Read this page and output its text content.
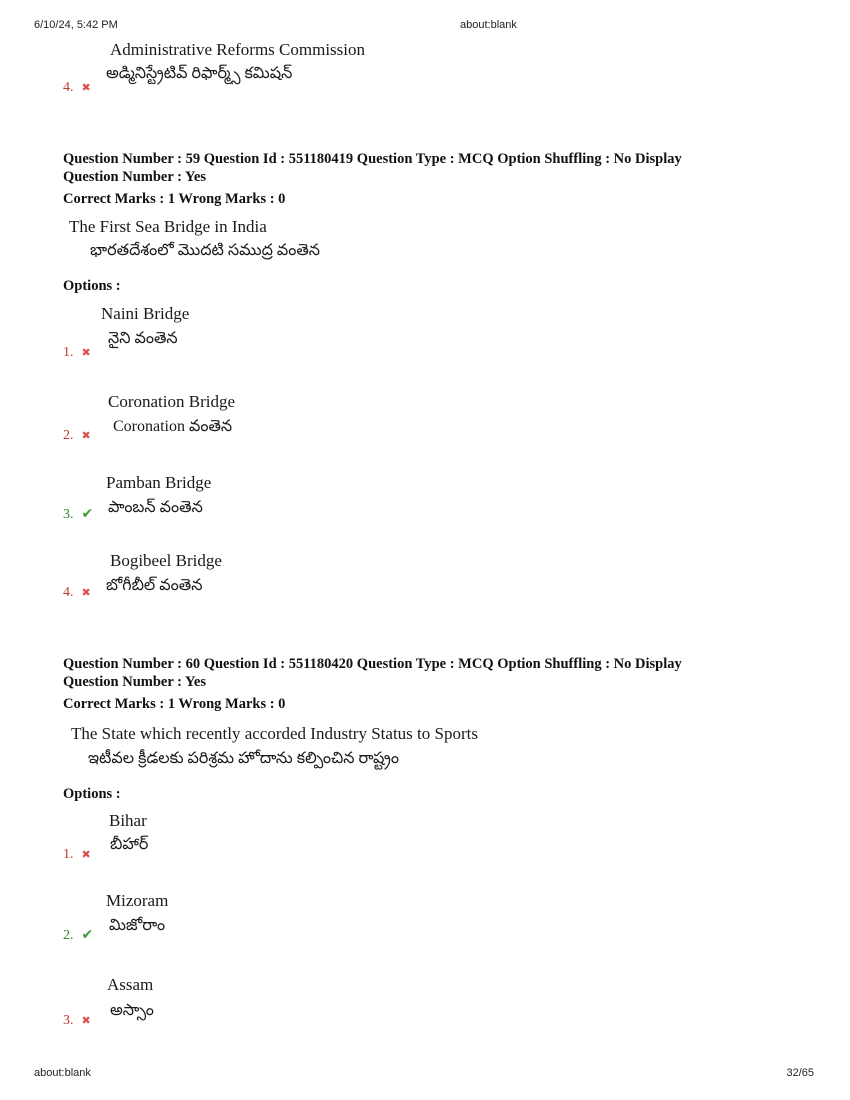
6/10/24, 5:42 PM	about:blank
about:blank	32/65
Administrative Reforms Commission
అడ్మినిస్ట్రేటివ్ రిఫార్మ్స్ కమిషన్
4. ✖
Question Number : 59 Question Id : 551180419 Question Type : MCQ Option Shuffling : No Display
Question Number : Yes
Correct Marks : 1 Wrong Marks : 0
The First Sea Bridge in India
భారతదేశంలో మొదటి సముద్ర వంతెన
Options :
Naini Bridge
నైని వంతెన
1. ✖
Coronation Bridge
Coronation వంతెన
2. ✖
Pamban Bridge
పాంబన్ వంతెన
3. ✔
Bogibeel Bridge
బోగీబీల్ వంతెన
4. ✖
Question Number : 60 Question Id : 551180420 Question Type : MCQ Option Shuffling : No Display
Question Number : Yes
Correct Marks : 1 Wrong Marks : 0
The State which recently accorded Industry Status to Sports
ఇటీవల క్రీడలకు పరిశ్రమ హోదాను కల్పించిన రాష్ట్రం
Options :
Bihar
బీహార్
1. ✖
Mizoram
మిజోరాం
2. ✔
Assam
అస్సాం
3. ✖
